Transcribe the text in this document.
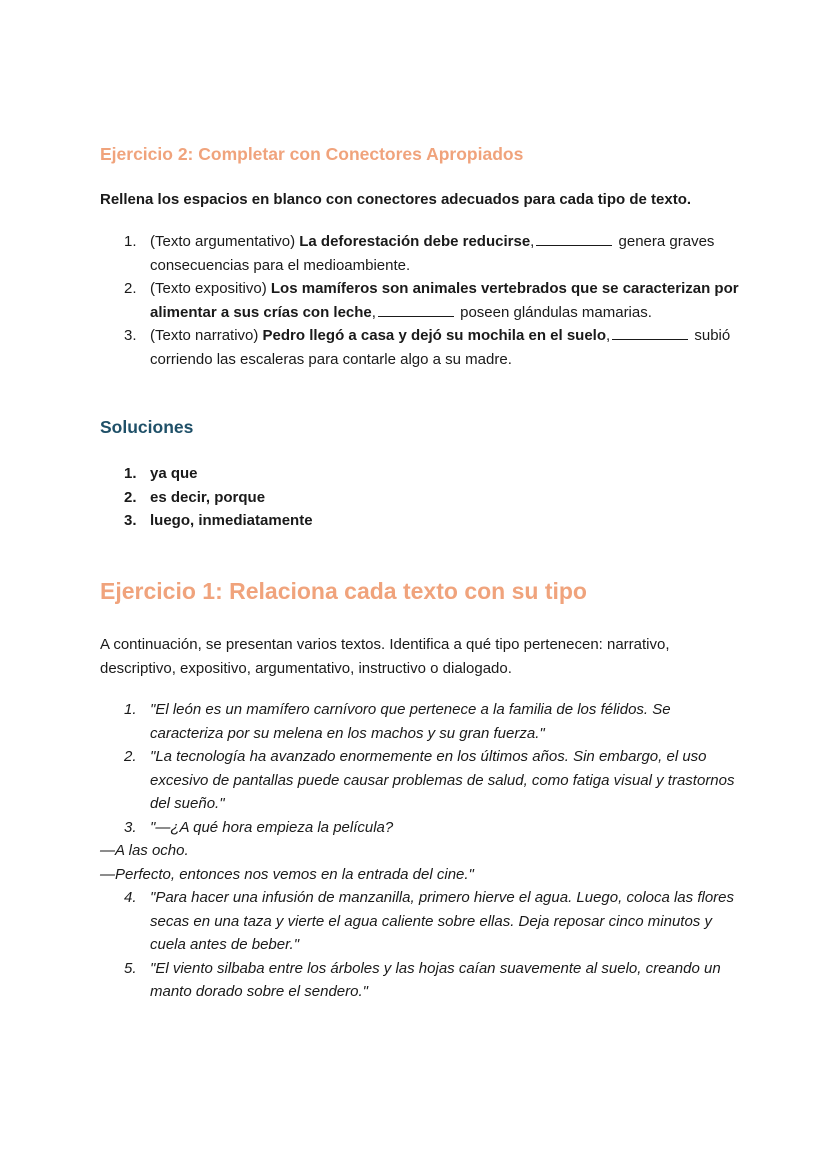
Ejercicio 2: Completar con Conectores Apropiados

Rellena los espacios en blanco con conectores adecuados para cada tipo de texto.

1. (Texto argumentativo) La deforestación debe reducirse,	genera graves consecuencias para el medioambiente.
2. (Texto expositivo) Los mamíferos son animales vertebrados que se caracterizan por alimentar a sus crías con leche,	poseen glándulas mamarias.
3. (Texto narrativo) Pedro llegó a casa y dejó su mochila en el suelo,	subió corriendo las escaleras para contarle algo a su madre.
Soluciones
1. ya que
2. es decir, porque
3. luego, inmediatamente
Ejercicio 1: Relaciona cada texto con su tipo

A continuación, se presentan varios textos. Identifica a qué tipo pertenecen: narrativo, descriptivo, expositivo, argumentativo, instructivo o dialogado.

1. "El león es un mamífero carnívoro que pertenece a la familia de los félidos. Se caracteriza por su melena en los machos y su gran fuerza."
2. "La tecnología ha avanzado enormemente en los últimos años. Sin embargo, el uso excesivo de pantallas puede causar problemas de salud, como fatiga visual y trastornos del sueño."
3. "—¿A qué hora empieza la película?
—A las ocho.
—Perfecto, entonces nos vemos en la entrada del cine."
4. "Para hacer una infusión de manzanilla, primero hierve el agua. Luego, coloca las flores secas en una taza y vierte el agua caliente sobre ellas. Deja reposar cinco minutos y cuela antes de beber."
5. "El viento silbaba entre los árboles y las hojas caían suavemente al suelo, creando un manto dorado sobre el sendero."
